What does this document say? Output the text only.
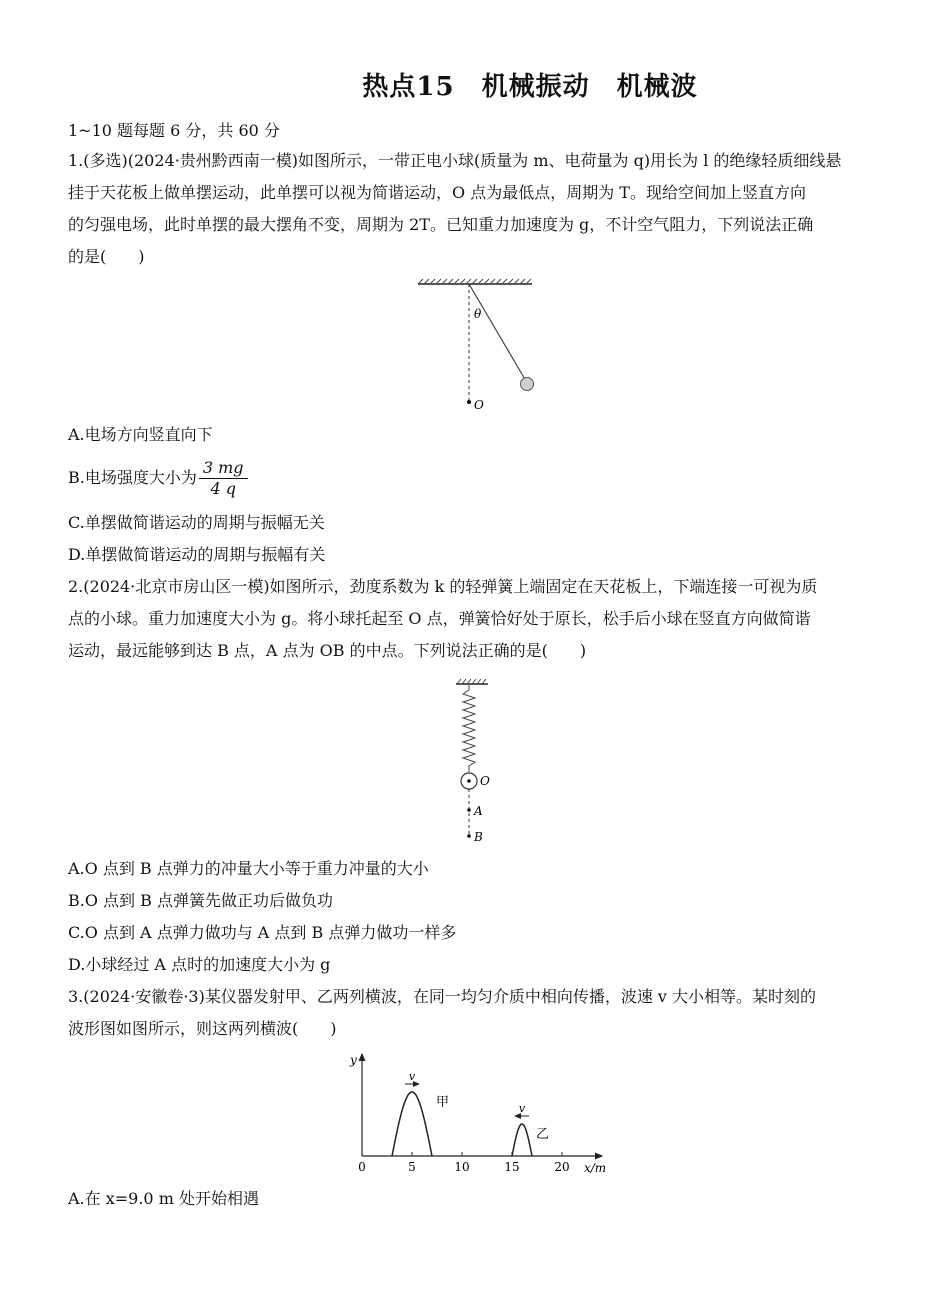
热点15　机械振动　机械波
1~10 题每题 6 分，共 60 分
1.(多选)(2024·贵州黔西南一模)如图所示，一带正电小球(质量为 m、电荷量为 q)用长为 l 的绝缘轻质细线悬
挂于天花板上做单摆运动，此单摆可以视为简谐运动，O 点为最低点，周期为 T。现给空间加上竖直方向
的匀强电场，此时单摆的最大摆角不变，周期为 2T。已知重力加速度为 g，不计空气阻力，下列说法正确
的是(　　)
θ
O
A.电场方向竖直向下
B.电场强度大小为 $\frac{3 mg}{4 q}$
C.单摆做简谐运动的周期与振幅无关
D.单摆做简谐运动的周期与振幅有关
2.(2024·北京市房山区一模)如图所示，劲度系数为 k 的轻弹簧上端固定在天花板上，下端连接一可视为质
点的小球。重力加速度大小为 g。将小球托起至 O 点，弹簧恰好处于原长，松手后小球在竖直方向做简谐
运动，最远能够到达 B 点，A 点为 OB 的中点。下列说法正确的是(　　)
O
A
B
A.O 点到 B 点弹力的冲量大小等于重力冲量的大小
B.O 点到 B 点弹簧先做正功后做负功
C.O 点到 A 点弹力做功与 A 点到 B 点弹力做功一样多
D.小球经过 A 点时的加速度大小为 g
3.(2024·安徽卷·3)某仪器发射甲、乙两列横波，在同一均匀介质中相向传播，波速 v 大小相等。某时刻的
波形图如图所示，则这两列横波(　　)
y
x/m
0	5	10	15	20
v
甲	v
乙
A.在 x=9.0 m 处开始相遇
